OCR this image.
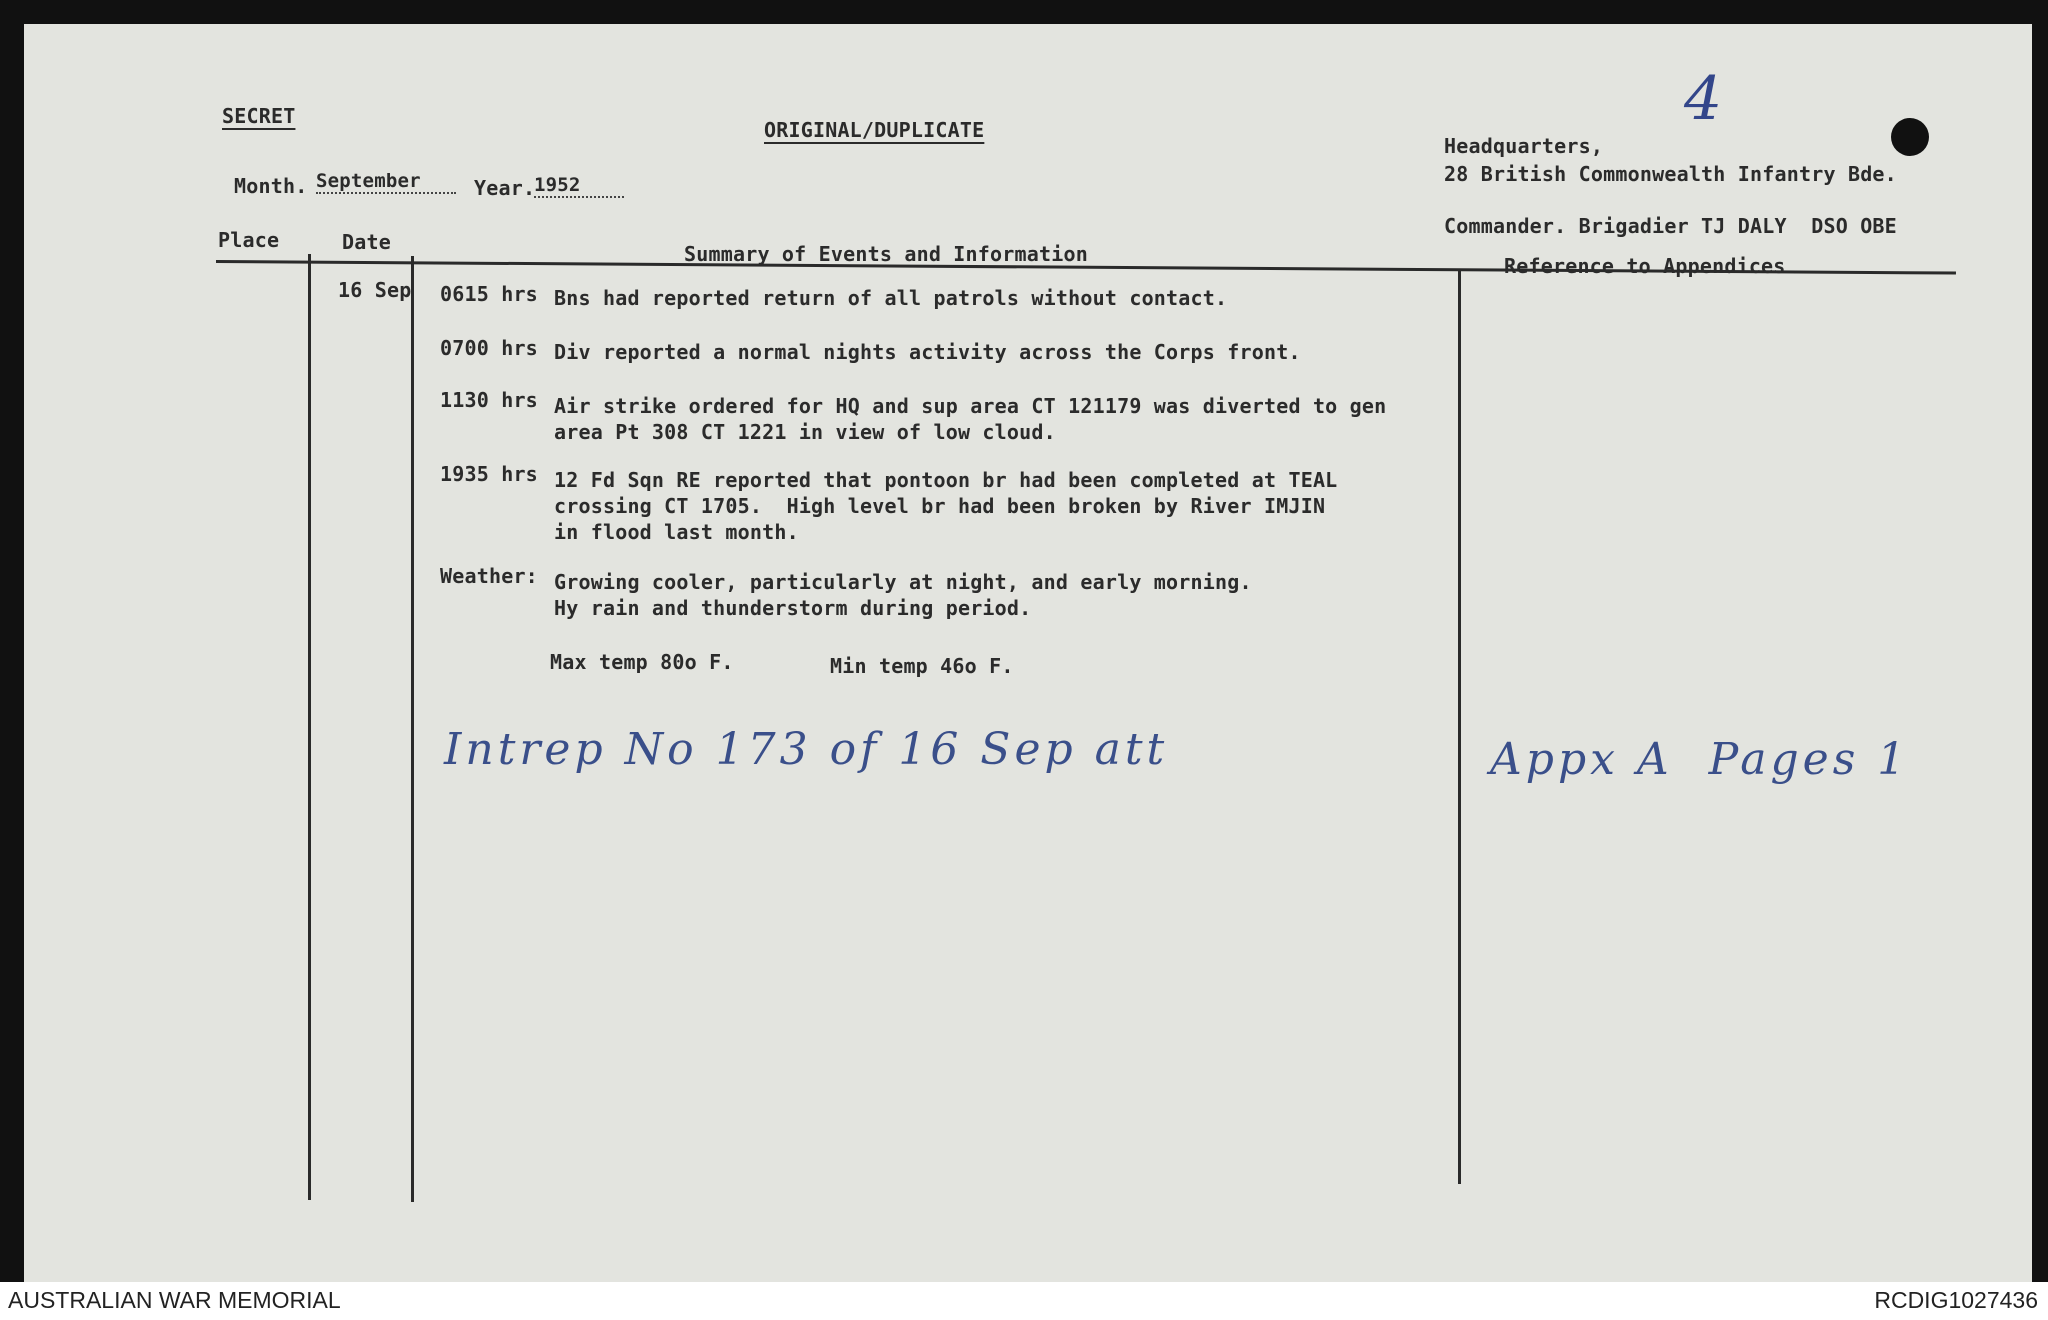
SECRET
ORIGINAL/DUPLICATE
Month. September	Year.
1952
4
Headquarters,
28 British Commonwealth Infantry Bde.
Commander. Brigadier TJ DALY  DSO OBE
Place	Date	Summary of Events and Information	Reference to Appendices
16 Sep 0615 hrs Bns had reported return of all patrols without contact.
0700 hrs Div reported a normal nights activity across the Corps front.
1130 hrs Air strike ordered for HQ and sup area CT 121179 was diverted to gen
area Pt 308 CT 1221 in view of low cloud.
1935 hrs 12 Fd Sqn RE reported that pontoon br had been completed at TEAL
crossing CT 1705.  High level br had been broken by River IMJIN
in flood last month.
Weather: Growing cooler, particularly at night, and early morning.
Hy rain and thunderstorm during period.
Max temp 80o F.	Min temp 46o F.
Intrep No 173 of 16 Sep att	Appx A  Pages 1
AUSTRALIAN WAR MEMORIAL	RCDIG1027436
